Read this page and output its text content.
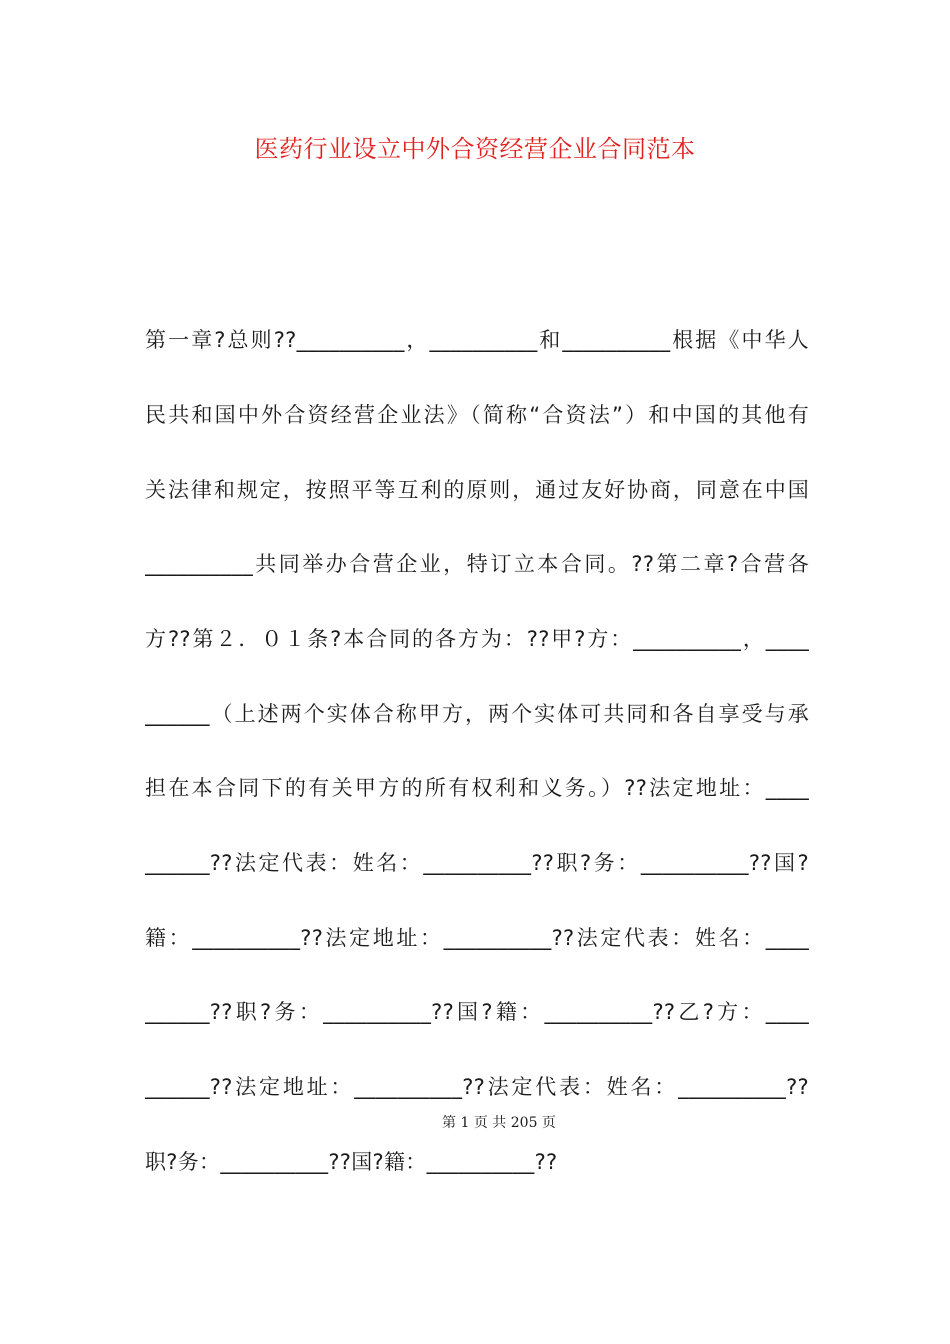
医药行业设立中外合资经营企业合同范本
第一章?总则??__________，__________和__________根据《中华人
民共和国中外合资经营企业法》（简称“合资法”）和中国的其他有
关法律和规定，按照平等互利的原则，通过友好协商，同意在中国
__________共同举办合营企业，特订立本合同。??第二章?合营各
方??第２．０１条?本合同的各方为：??甲?方：__________，____
______（上述两个实体合称甲方，两个实体可共同和各自享受与承
担在本合同下的有关甲方的所有权利和义务。）??法定地址：____
______??法定代表：姓名：__________??职?务：__________??国?
籍：__________??法定地址：__________??法定代表：姓名：____
______??职?务：__________??国?籍：__________??乙?方：____
______??法定地址：__________??法定代表：姓名：__________??
第 1 页 共 205 页
职?务：__________??国?籍：__________??
